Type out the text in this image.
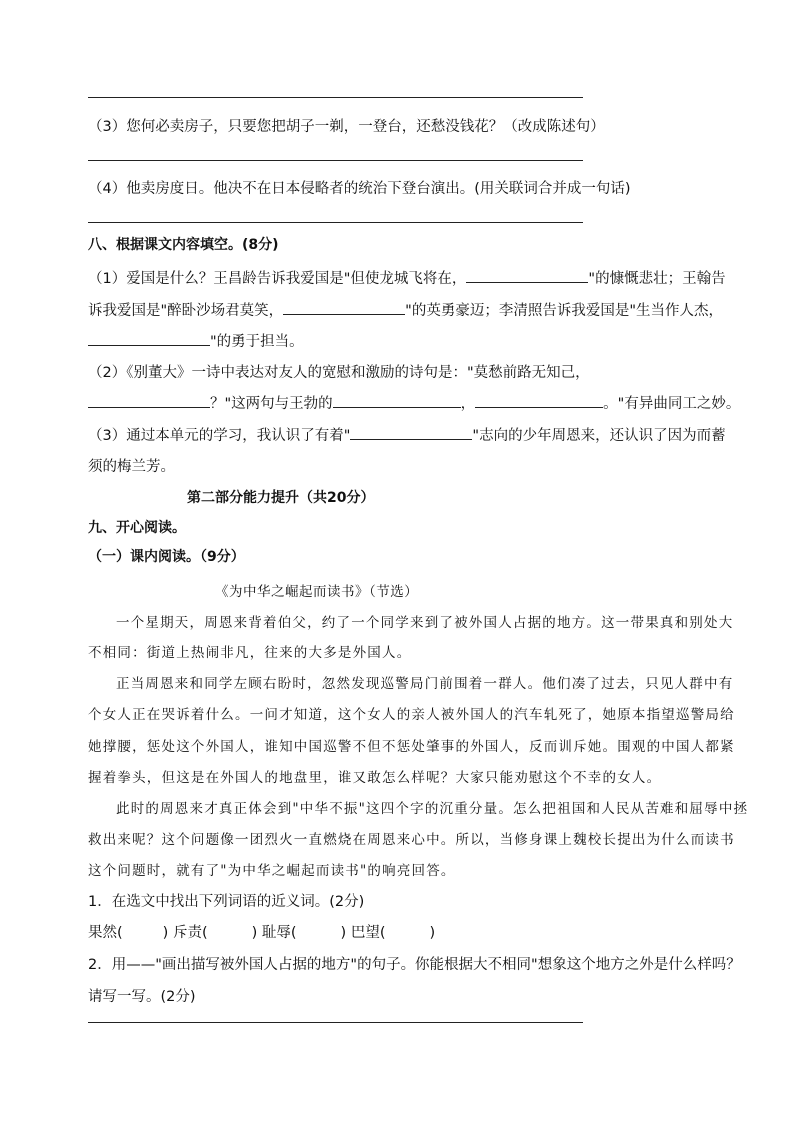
（3）您何必卖房子，只要您把胡子一剃，一登台，还愁没钱花？（改成陈述句）
（4）他卖房度日。他决不在日本侵略者的统治下登台演出。(用关联词合并成一句话)
八、根据课文内容填空。(8分)
（1）爱国是什么？王昌龄告诉我爱国是"但使龙城飞将在，	"的慷慨悲壮；王翰告
诉我爱国是"醉卧沙场君莫笑，	"的英勇豪迈；李清照告诉我爱国是"生当作人杰，
"的勇于担当。
（2）《别董大》一诗中表达对友人的宽慰和激励的诗句是："莫愁前路无知己，
？"这两句与王勃的	，	。"有异曲同工之妙。
（3）通过本单元的学习，我认识了有着"	"志向的少年周恩来，还认识了因为而蓄
须的梅兰芳。
第二部分能力提升（共20分）
九、开心阅读。
（一）课内阅读。（9分）
《为中华之崛起而读书》（节选）
一个星期天，周恩来背着伯父，约了一个同学来到了被外国人占据的地方。这一带果真和别处大
不相同：街道上热闹非凡，往来的大多是外国人。
正当周恩来和同学左顾右盼时，忽然发现巡警局门前围着一群人。他们凑了过去，只见人群中有
个女人正在哭诉着什么。一问才知道，这个女人的亲人被外国人的汽车轧死了，她原本指望巡警局给
她撑腰，惩处这个外国人，谁知中国巡警不但不惩处肇事的外国人，反而训斥她。围观的中国人都紧
握着拳头，但这是在外国人的地盘里，谁又敢怎么样呢？大家只能劝慰这个不幸的女人。
此时的周恩来才真正体会到"中华不振"这四个字的沉重分量。怎么把祖国和人民从苦难和屈辱中拯
救出来呢？这个问题像一团烈火一直燃烧在周恩来心中。所以，当修身课上魏校长提出为什么而读书
这个问题时，就有了"为中华之崛起而读书"的响亮回答。
1．在选文中找出下列词语的近义词。(2分)
果然(	) 斥责(	) 耻辱(	) 巴望(	)
2．用——"画出描写被外国人占据的地方"的句子。你能根据大不相同"想象这个地方之外是什么样吗？
请写一写。(2分)
